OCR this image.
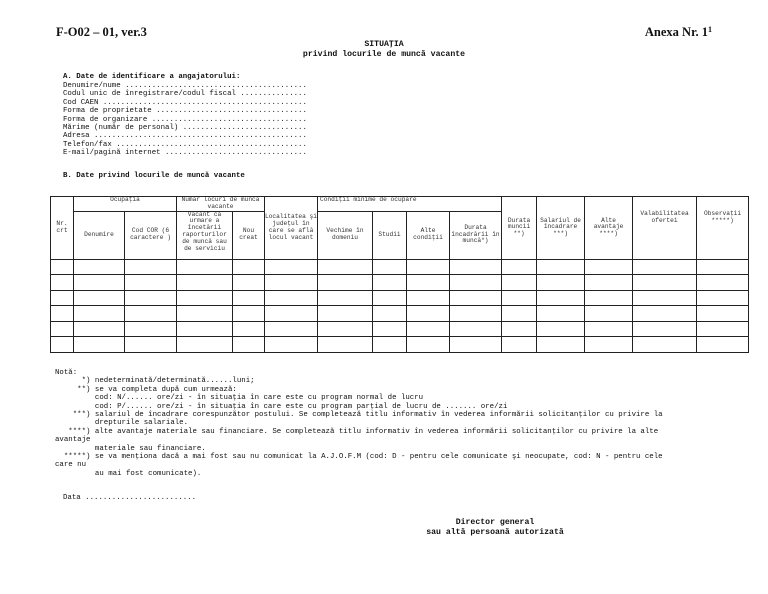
F-O02 – 01, ver.3	Anexa Nr. $1^1$
SITUAŢIA
privind locurile de muncă vacante
A. Date de identificare a angajatorului:
Denumire/nume .........................................
Codul unic de înregistrare/codul fiscal ...............
Cod CAEN ..............................................
Forma de proprietate ..................................
Forma de organizare ...................................
Mărime (număr de personal) ............................
Adresa ................................................
Telefon/fax ...........................................
E-mail/pagină internet ................................
B. Date privind locurile de muncă vacante
Nr. crt	Ocupaţia		Număr locuri de muncă vacante		Localitatea şi judeţul în care se află locul vacant	Condiţii minime de ocupare				Durata muncii **)	Salariul de încadrare ***)	Alte avantaje ****)	Valabilitatea ofertei	Observaţii *****)
	Denumire	Cod COR (6 caractere )	Vacant ca urmare a încetării raporturilor de muncă sau de serviciu	Nou creat		Vechime în domeniu	Studii	Alte condiţii	Durata încadrării în muncă*)					

Notă:
*) nedeterminată/determinată......luni;
**) se va completa după cum urmează:
cod: N/...... ore/zi - în situaţia în care este cu program normal de lucru
cod: P/...... ore/zi - în situaţia în care este cu program parţial de lucru de ....... ore/zi
***) salariul de încadrare corespunzător postului. Se completează titlu informativ în vederea informării solicitanţilor cu privire la
drepturile salariale.
****) alte avantaje materiale sau financiare. Se completează titlu informativ în vederea informării solicitanţilor cu privire la alte
avantaje
materiale sau financiare.
*****) se va menţiona dacă a mai fost sau nu comunicat la A.J.O.F.M (cod: D - pentru cele comunicate şi neocupate, cod: N - pentru cele
care nu
au mai fost comunicate).
Data .........................
Director general
sau altă persoană autorizată
